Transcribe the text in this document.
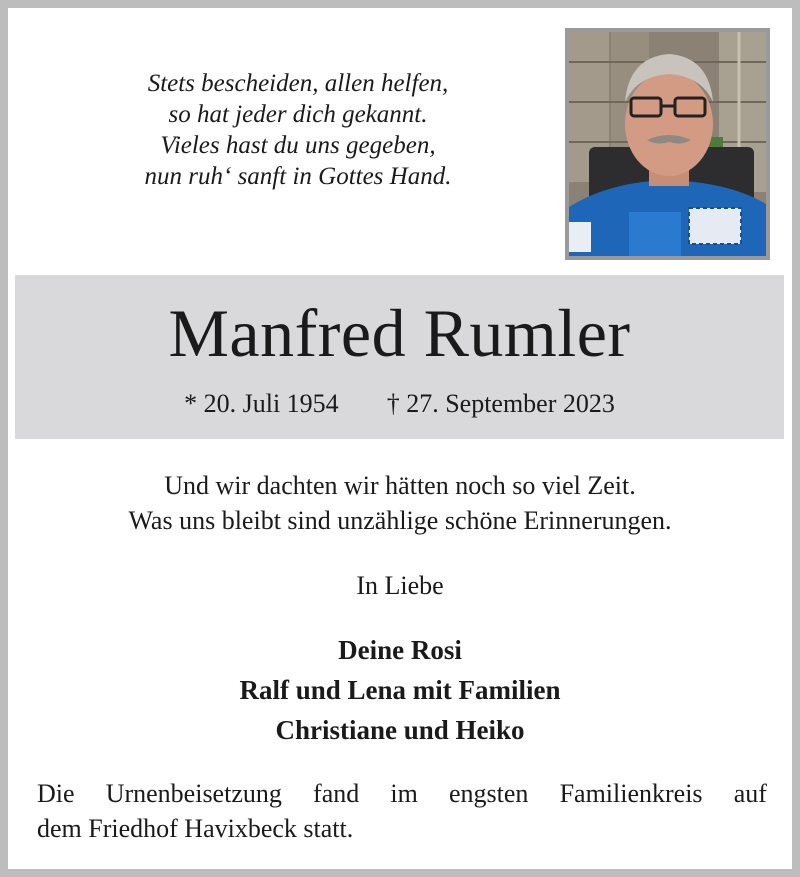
Stets bescheiden, allen helfen,
so hat jeder dich gekannt.
Vieles hast du uns gegeben,
nun ruh‘ sanft in Gottes Hand.
Manfred Rumler
* 20. Juli 1954 † 27. September 2023
Und wir dachten wir hätten noch so viel Zeit.
Was uns bleibt sind unzählige schöne Erinnerungen.
In Liebe
Deine Rosi
Ralf und Lena mit Familien
Christiane und Heiko
Die Urnenbeisetzung fand im engsten Familienkreis auf
dem Friedhof Havixbeck statt.
